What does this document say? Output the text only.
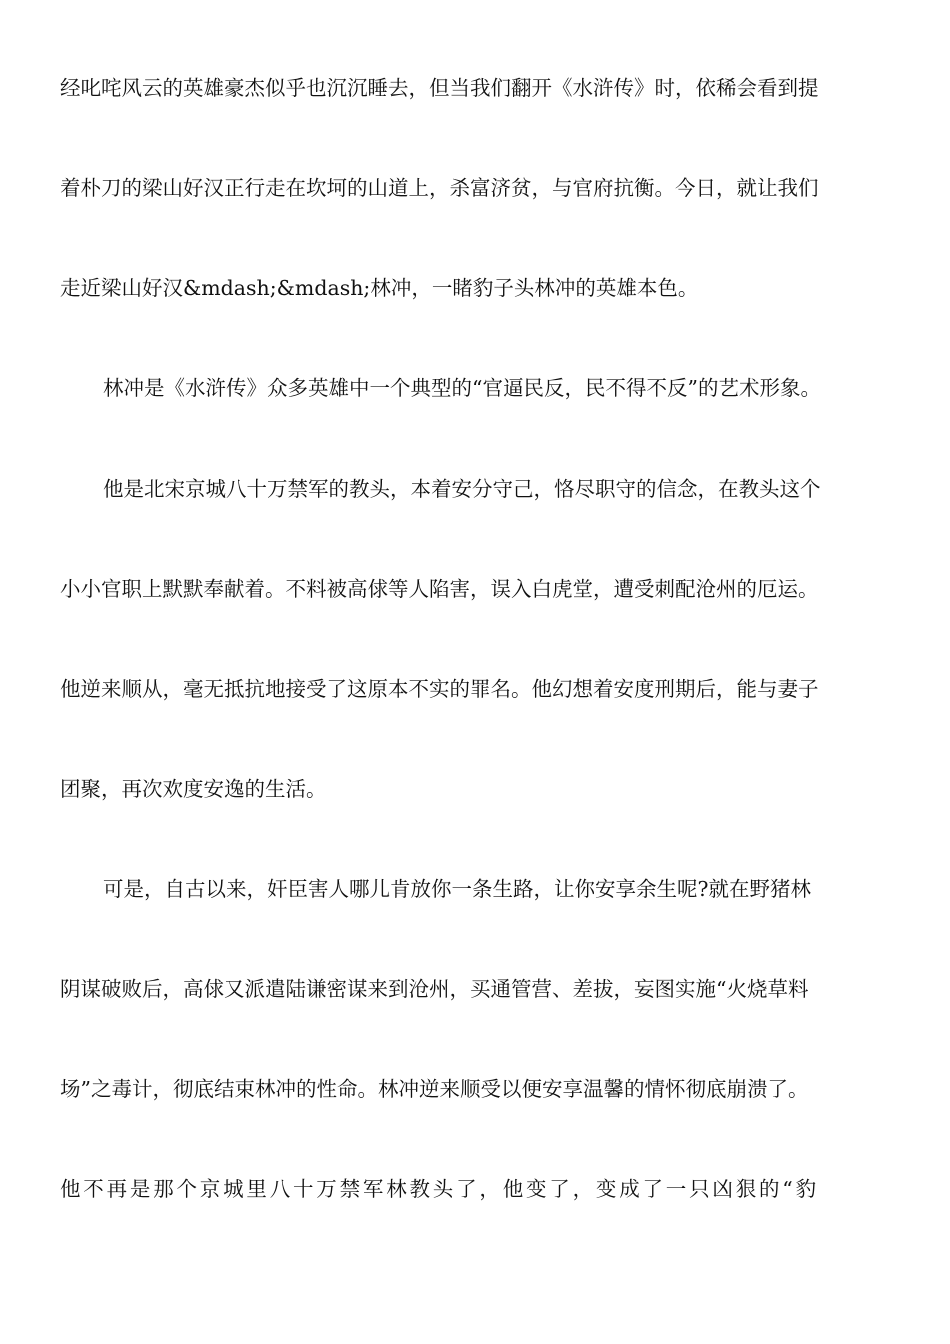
经叱咤风云的英雄豪杰似乎也沉沉睡去，但当我们翻开《水浒传》时，依稀会看到提
着朴刀的梁山好汉正行走在坎坷的山道上，杀富济贫，与官府抗衡。今日，就让我们
走近梁山好汉&mdash;&mdash;林冲，一睹豹子头林冲的英雄本色。
林冲是《水浒传》众多英雄中一个典型的“官逼民反，民不得不反”的艺术形象。
他是北宋京城八十万禁军的教头，本着安分守己，恪尽职守的信念，在教头这个
小小官职上默默奉献着。不料被高俅等人陷害，误入白虎堂，遭受刺配沧州的厄运。
他逆来顺从，毫无抵抗地接受了这原本不实的罪名。他幻想着安度刑期后，能与妻子
团聚，再次欢度安逸的生活。
可是，自古以来，奸臣害人哪儿肯放你一条生路，让你安享余生呢?就在野猪林
阴谋破败后，高俅又派遣陆谦密谋来到沧州，买通管营、差拔，妄图实施“火烧草料
场”之毒计，彻底结束林冲的性命。林冲逆来顺受以便安享温馨的情怀彻底崩溃了。
他不再是那个京城里八十万禁军林教头了，他变了，变成了一只凶狠的“豹
